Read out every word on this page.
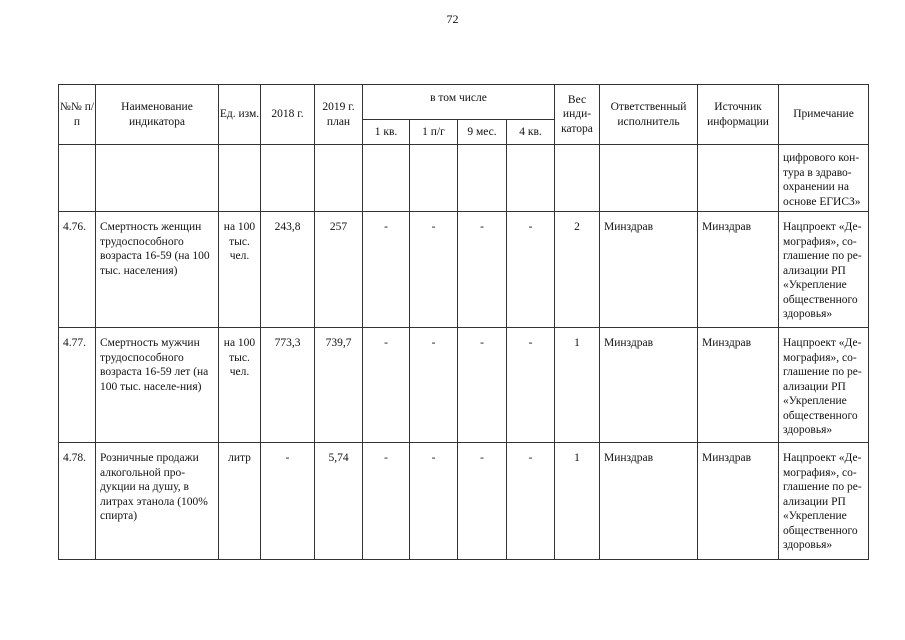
72
№№ п/п	Наименование индикатора	Ед. изм.	2018 г.	2019 г. план	в том числе				Вес инди-катора	Ответственный исполнитель	Источник информации	Примечание
					1 кв.	1 п/г	9 мес.	4 кв.				

												цифрового кон-тура в здраво-охранении на основе ЕГИСЗ»

4.76.	Смертность женщин трудоспособного возраста 16-59 (на 100 тыс. населения)	на 100 тыс. чел.	243,8	257	-	-	-	-	2	Минздрав	Минздрав	Нацпроект «Де-мография», со-глашение по ре-ализации РП «Укрепление общественного здоровья»

4.77.	Смертность мужчин трудоспособного возраста 16-59 лет (на 100 тыс. населе-ния)	на 100 тыс. чел.	773,3	739,7	-	-	-	-	1	Минздрав	Минздрав	Нацпроект «Де-мография», со-глашение по ре-ализации РП «Укрепление общественного здоровья»

4.78.	Розничные продажи алкогольной про-дукции на душу, в литрах этанола (100% спирта)	литр	-	5,74	-	-	-	-	1	Минздрав	Минздрав	Нацпроект «Де-мография», со-глашение по ре-ализации РП «Укрепление общественного здоровья»
